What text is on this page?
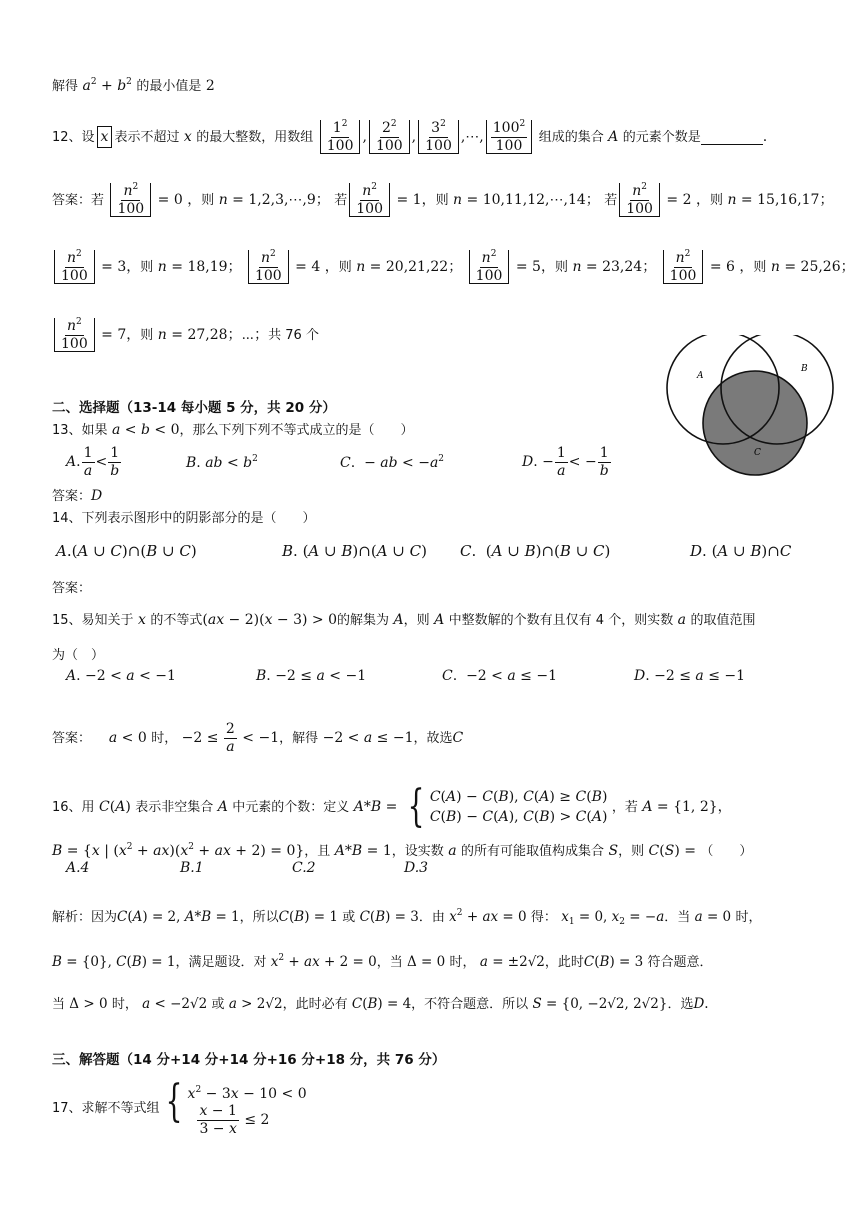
解得 $a^2 + b^2$ 的最小值是 2
12、设 x 表示不超过 x 的最大整数，用数组 $\frac{1^2}{100}$ , $\frac{2^2}{100}$ , $\frac{3^2}{100}$ ,⋯, $\frac{100^2}{100}$ 组成的集合 A 的元素个数是	.
答案：若 $\frac{n^2}{100} = 0$ ，则 n = 1,2,3,⋯,9； 若 $\frac{n^2}{100} = 1$，则 n = 10,11,12,⋯,14； 若 $\frac{n^2}{100} = 2$ ，则 n = 15,16,17；
$\frac{n^2}{100} = 3$，则 n = 18,19； $\frac{n^2}{100} = 4$ ，则 n = 20,21,22； $\frac{n^2}{100} = 5$，则 n = 23,24； $\frac{n^2}{100} = 6$ ，则 n = 25,26；
$\frac{n^2}{100} = 7$，则 n = 27,28；⋯；共 76 个
A
B
C
二、选择题（13-14 每小题 5 分，共 20 分）
13、如果 a < b < 0，那么下列下列不等式成立的是（　　）
A. $\frac{1}{a} < \frac{1}{b}$	B. ab < $b^2$	C.  − ab < $-a^2$	D. − $\frac{1}{a}$ < − $\frac{1}{b}$
答案：D
14、下列表示图形中的阴影部分的是（　　）
A.(A ∪ C)∩(B ∪ C)	B. (A ∪ B)∩(A ∪ C) C.  (A ∪ B)∩(B ∪ C)	D. (A ∪ B)∩C
答案：
15、易知关于 x 的不等式(ax − 2)(x − 3) > 0的解集为 A，则 A 中整数解的个数有且仅有 4 个，则实数 a 的取值范围
为（　）
A. −2 < a < −1	B. −2 ≤ a < −1	C.  −2 < a ≤ −1	D. −2 ≤ a ≤ −1
答案： a < 0 时， $-2 \le \frac{2}{a} < -1$，解得 −2 < a ≤ −1，故选C
16、用 C(A) 表示非空集合 A 中元素的个数：定义 A*B = { C(A) − C(B), C(A) ≥ C(B)
C(B) − C(A), C(B) > C(A)
，若 A = {1, 2}，
B = {x | $(x^2 + ax)(x^2$ + ax + 2) = 0}，且 A*B = 1，设实数 a 的所有可能取值构成集合 S，则 C(S) = （　　）
A.4	B.1	C.2	D.3
解析：因为C(A) = 2, A*B = 1，所以C(B) = 1 或 C(B) = 3．由 $x^2$ + ax = 0 得： $x_1 = 0$, $x_2 = -a$．当 a = 0 时，
B = {0}, C(B) = 1，满足题设．对 $x^2$ + ax + 2 = 0，当 Δ = 0 时， a = ±2√2，此时C(B) = 3 符合题意．
当 Δ > 0 时， a < −2√2 或 a > 2√2，此时必有 C(B) = 4，不符合题意．所以 S = {0, −2√2, 2√2}．选D.
三、解答题（14 分+14 分+14 分+16 分+18 分，共 76 分）
17、求解不等式组 { $x^2 - 3x - 10 < 0$

$\frac{x - 1}{3 - x} \le 2$
